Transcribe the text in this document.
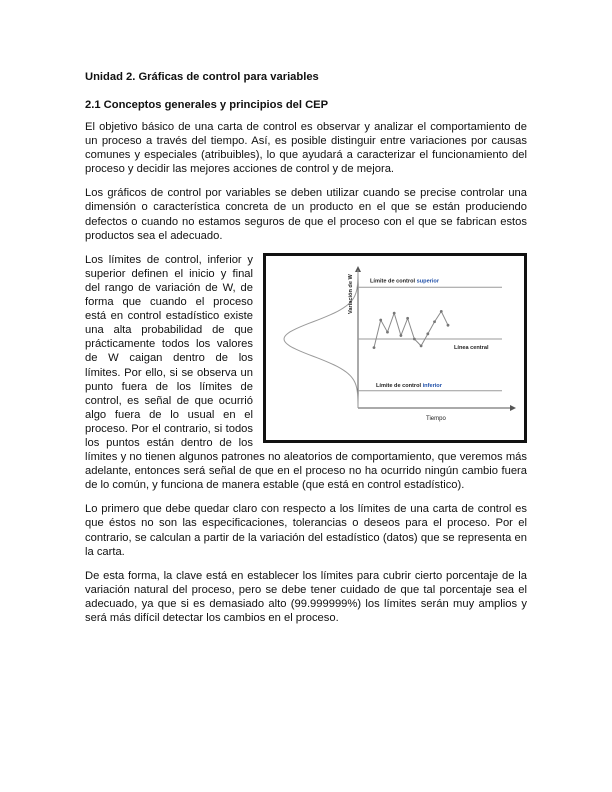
Unidad 2. Gráficas de control para variables
2.1 Conceptos generales y principios del CEP

El objetivo básico de una carta de control es observar y analizar el comportamiento de un proceso a través del tiempo. Así, es posible distinguir entre variaciones por causas comunes y especiales (atribuibles), lo que ayudará a caracterizar el funcionamiento del proceso y decidir las mejores acciones de control y de mejora.

Los gráficos de control por variables se deben utilizar cuando se precise controlar una dimensión o característica concreta de un producto en el que se están produciendo defectos o cuando no estamos seguros de que el proceso con el que se fabrican estos productos sea el adecuado.

Límite de control superior
Línea central
Límite de control inferior
Tiempo
Variación de W

Los límites de control, inferior y superior definen el inicio y final del rango de variación de W, de forma que cuando el proceso está en control estadístico existe una alta probabilidad de que prácticamente todos los valores de W caigan dentro de los límites. Por ello, si se observa un punto fuera de los límites de control, es señal de que ocurrió algo fuera de lo usual en el proceso. Por el contrario, si todos los puntos están dentro de los límites y no tienen algunos patrones no aleatorios de comportamiento, que veremos más adelante, entonces será señal de que en el proceso no ha ocurrido ningún cambio fuera de lo común, y funciona de manera estable (que está en control estadístico).

Lo primero que debe quedar claro con respecto a los límites de una carta de control es que éstos no son las especificaciones, tolerancias o deseos para el proceso. Por el contrario, se calculan a partir de la variación del estadístico (datos) que se representa en la carta.

De esta forma, la clave está en establecer los límites para cubrir cierto porcentaje de la variación natural del proceso, pero se debe tener cuidado de que tal porcentaje sea el adecuado, ya que si es demasiado alto (99.999999%) los límites serán muy amplios y será más difícil detectar los cambios en el proceso.
